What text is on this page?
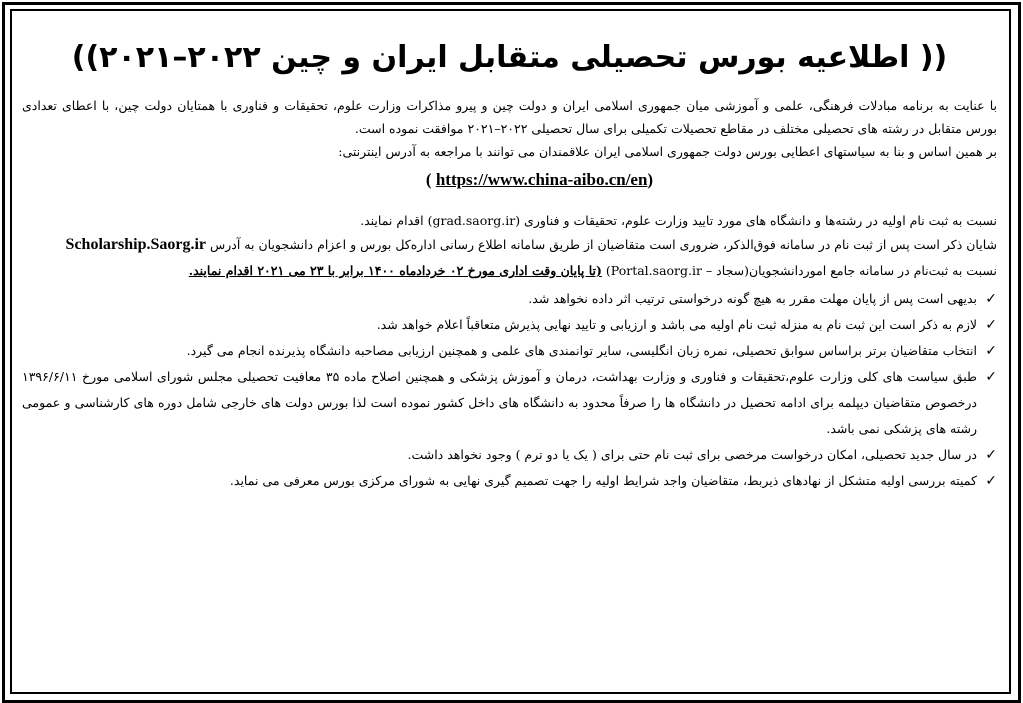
(( اطلاعیه بورس تحصیلی متقابل ایران و چین ۲۰۲۲–۲۰۲۱))

با عنایت به برنامه مبادلات فرهنگی، علمی و آموزشی میان جمهوری اسلامی ایران و دولت چین و پیرو مذاکرات وزارت علوم، تحقیقات و فناوری با همتایان دولت چین، با اعطای تعدادی بورس متقابل در رشته های تحصیلی مختلف در مقاطع تحصیلات تکمیلی برای سال تحصیلی ۲۰۲۲–۲۰۲۱ موافقت نموده است.

بر همین اساس و بنا به سیاستهای اعطایی بورس دولت جمهوری اسلامی ایران علاقمندان می توانند با مراجعه به آدرس اینترنتی:

( https://www.china-aibo.cn/en)

نسبت به ثبت نام اولیه در رشته‌ها و دانشگاه های مورد تایید وزارت علوم، تحقیقات و فناوری (grad.saorg.ir) اقدام نمایند.

شایان ذکر است پس از ثبت نام در سامانه فوق‌الذکر، ضروری است متقاضیان از طریق سامانه اطلاع رسانی اداره‌کل بورس و اعزام دانشجویان به آدرس Scholarship.Saorg.ir
نسبت به ثبت‌نام در سامانه جامع اموردانشجویان(سجاد – Portal.saorg.ir) (تا پایان وقت اداری مورخ ۰۲ خردادماه ۱۴۰۰ برابر با ۲۳ می ۲۰۲۱ اقدام نمایند.
✓
بدیهی است پس از پایان مهلت مقرر به هیچ گونه درخواستی ترتیب اثر داده نخواهد شد.
✓
لازم به ذکر است این ثبت نام به منزله ثبت نام اولیه می باشد و ارزیابی و تایید نهایی پذیرش متعاقباً اعلام خواهد شد.
✓
انتخاب متقاضیان برتر براساس سوابق تحصیلی، نمره زبان انگلیسی، سایر توانمندی های علمی و همچنین ارزیابی مصاحبه دانشگاه پذیرنده انجام می گیرد.
✓
طبق سیاست های کلی وزارت علوم،تحقیقات و فناوری و وزارت بهداشت، درمان و آموزش پزشکی و همچنین اصلاح ماده ۳۵ معافیت تحصیلی مجلس شورای اسلامی مورخ ۱۳۹۶/۶/۱۱ درخصوص متقاضیان دیپلمه برای ادامه تحصیل در دانشگاه ها را صرفاً محدود به دانشگاه های داخل کشور نموده است لذا بورس دولت های خارجی شامل دوره های کارشناسی و عمومی رشته های پزشکی نمی باشد.
✓
در سال جدید تحصیلی، امکان درخواست مرخصی برای ثبت نام حتی برای ( یک یا دو ترم ) وجود نخواهد داشت.
✓
کمیته بررسی اولیه متشکل از نهادهای ذیربط، متقاضیان واجد شرایط اولیه را جهت تصمیم گیری نهایی به شورای مرکزی بورس معرفی می نماید.
